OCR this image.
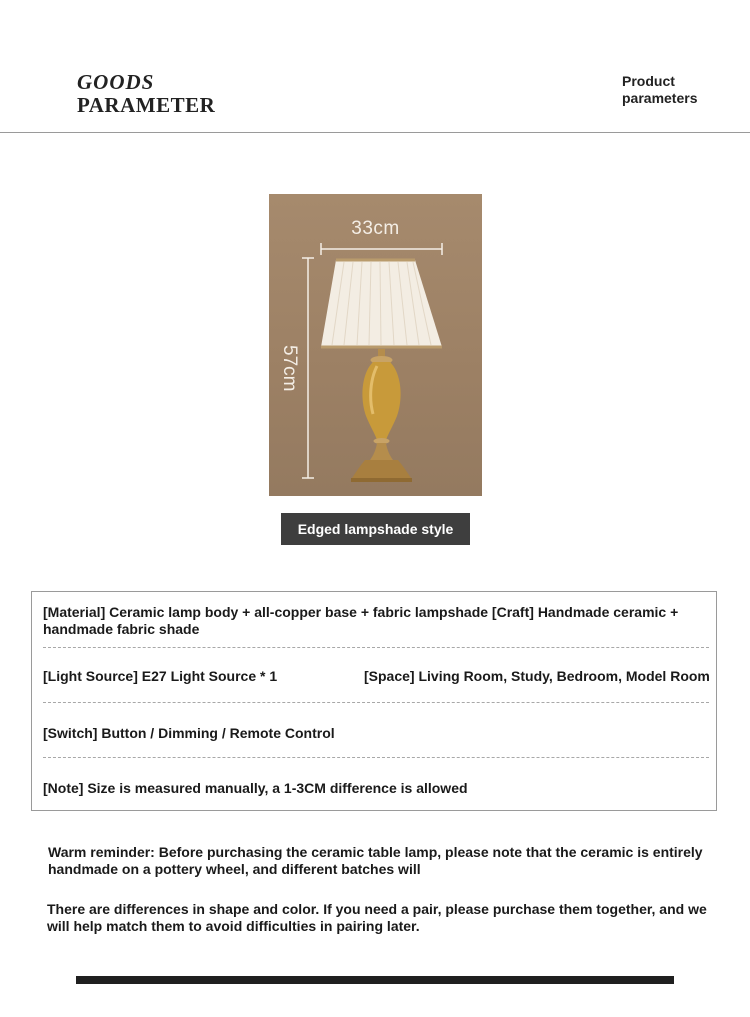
GOODS
PARAMETER
Product
parameters
33cm
57cm
Edged lampshade style
[Material] Ceramic lamp body + all-copper base + fabric lampshade [Craft] Handmade ceramic + handmade fabric shade
[Light Source] E27 Light Source * 1	[Space] Living Room, Study, Bedroom, Model Room
[Switch] Button / Dimming / Remote Control
[Note] Size is measured manually, a 1-3CM difference is allowed
Warm reminder: Before purchasing the ceramic table lamp, please note that the ceramic is entirely handmade on a pottery wheel, and different batches will
There are differences in shape and color. If you need a pair, please purchase them together, and we will help match them to avoid difficulties in pairing later.
